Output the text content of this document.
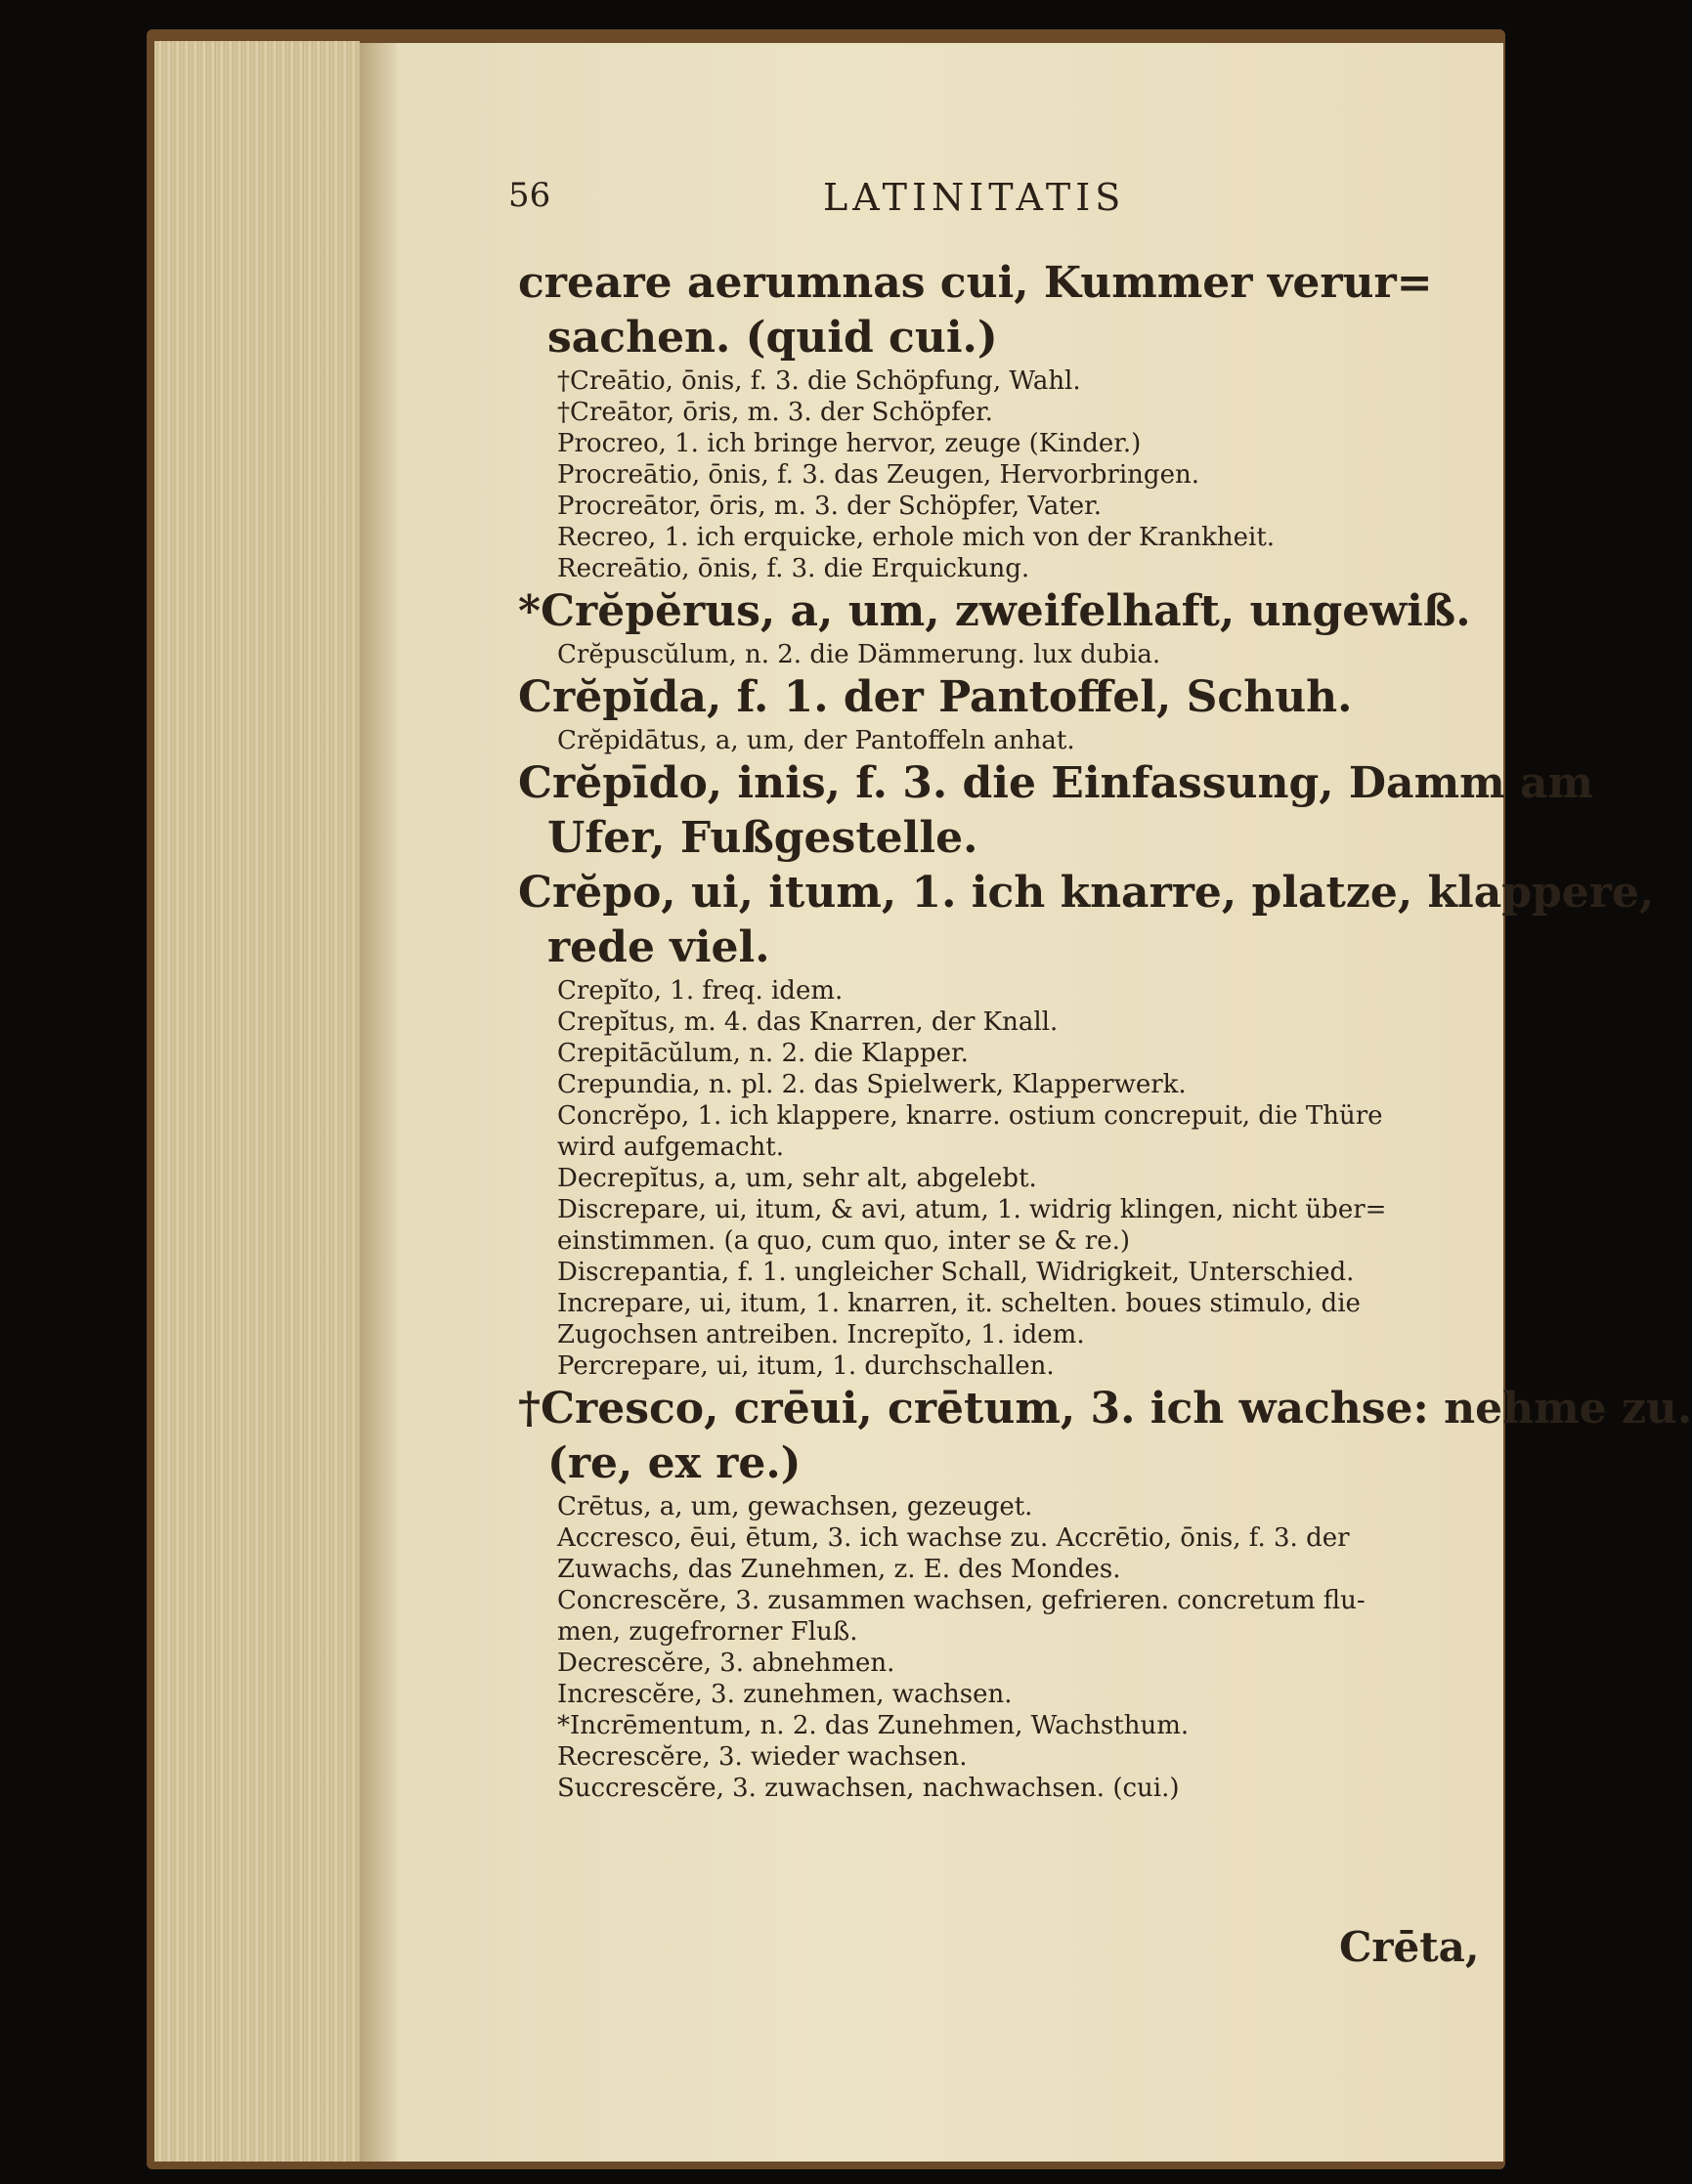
56	LATINITATIS
creare aerumnas cui, Kummer verur=
sachen. (quid cui.)
†Creātio, ōnis, f. 3. die Schöpfung, Wahl.
†Creātor, ōris, m. 3. der Schöpfer.
Procreo, 1. ich bringe hervor, zeuge (Kinder.)
Procreātio, ōnis, f. 3. das Zeugen, Hervorbringen.
Procreātor, ōris, m. 3. der Schöpfer, Vater.
Recreo, 1. ich erquicke, erhole mich von der Krankheit.
Recreātio, ōnis, f. 3. die Erquickung.
*Crĕpĕrus, a, um, zweifelhaft, ungewiß.
Crĕpuscŭlum, n. 2. die Dämmerung. lux dubia.
Crĕpĭda, f. 1. der Pantoffel, Schuh.
Crĕpidātus, a, um, der Pantoffeln anhat.
Crĕpīdo, inis, f. 3. die Einfassung, Damm am
Ufer, Fußgestelle.
Crĕpo, ui, itum, 1. ich knarre, platze, klappere,
rede viel.
Crepĭto, 1. freq. idem.
Crepĭtus, m. 4. das Knarren, der Knall.
Crepitācŭlum, n. 2. die Klapper.
Crepundia, n. pl. 2. das Spielwerk, Klapperwerk.
Concrĕpo, 1. ich klappere, knarre. ostium concrepuit, die Thüre
wird aufgemacht.
Decrepĭtus, a, um, sehr alt, abgelebt.
Discrepare, ui, itum, & avi, atum, 1. widrig klingen, nicht über=
einstimmen. (a quo, cum quo, inter se & re.)
Discrepantia, f. 1. ungleicher Schall, Widrigkeit, Unterschied.
Increpare, ui, itum, 1. knarren, it. schelten. boues stimulo, die
Zugochsen antreiben. Increpĭto, 1. idem.
Percrepare, ui, itum, 1. durchschallen.
†Cresco, crēui, crētum, 3. ich wachse: nehme zu.
(re, ex re.)
Crētus, a, um, gewachsen, gezeuget.
Accresco, ēui, ētum, 3. ich wachse zu. Accrētio, ōnis, f. 3. der
Zuwachs, das Zunehmen, z. E. des Mondes.
Concrescĕre, 3. zusammen wachsen, gefrieren. concretum flu-
men, zugefrorner Fluß.
Decrescĕre, 3. abnehmen.
Increscĕre, 3. zunehmen, wachsen.
*Incrēmentum, n. 2. das Zunehmen, Wachsthum.
Recrescĕre, 3. wieder wachsen.
Succrescĕre, 3. zuwachsen, nachwachsen. (cui.)
Crēta,
